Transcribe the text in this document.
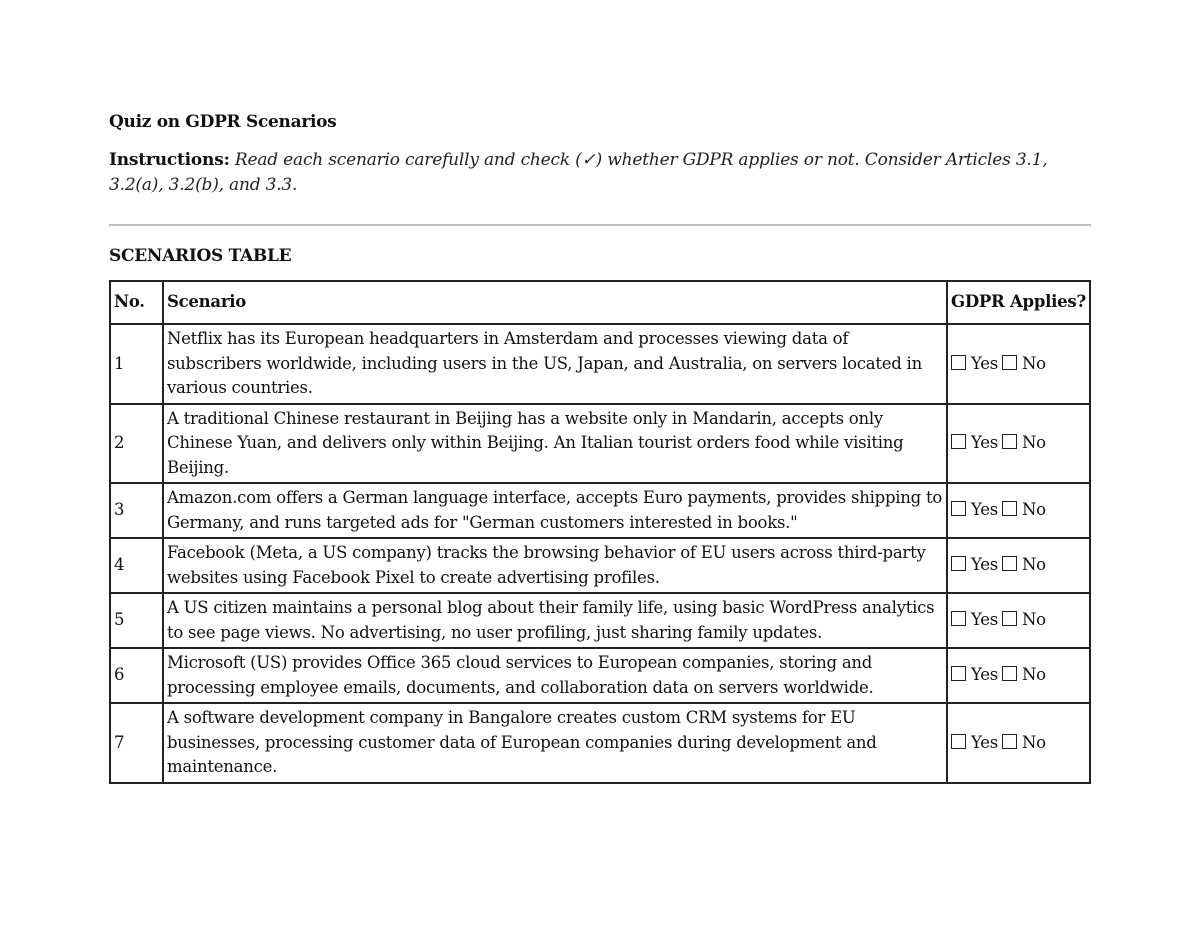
Quiz on GDPR Scenarios
Instructions: Read each scenario carefully and check (✓) whether GDPR applies or not. Consider Articles 3.1, 3.2(a), 3.2(b), and 3.3.
SCENARIOS TABLE
No.	Scenario	GDPR Applies?
1	Netflix has its European headquarters in Amsterdam and processes viewing data of subscribers worldwide, including users in the US, Japan, and Australia, on servers located in various countries.	Yes No
2	A traditional Chinese restaurant in Beijing has a website only in Mandarin, accepts only Chinese Yuan, and delivers only within Beijing. An Italian tourist orders food while visiting Beijing.	Yes No
3	Amazon.com offers a German language interface, accepts Euro payments, provides shipping to Germany, and runs targeted ads for "German customers interested in books."	Yes No
4	Facebook (Meta, a US company) tracks the browsing behavior of EU users across third-party websites using Facebook Pixel to create advertising profiles.	Yes No
5	A US citizen maintains a personal blog about their family life, using basic WordPress analytics to see page views. No advertising, no user profiling, just sharing family updates.	Yes No
6	Microsoft (US) provides Office 365 cloud services to European companies, storing and processing employee emails, documents, and collaboration data on servers worldwide.	Yes No
7	A software development company in Bangalore creates custom CRM systems for EU businesses, processing customer data of European companies during development and maintenance.	Yes No
